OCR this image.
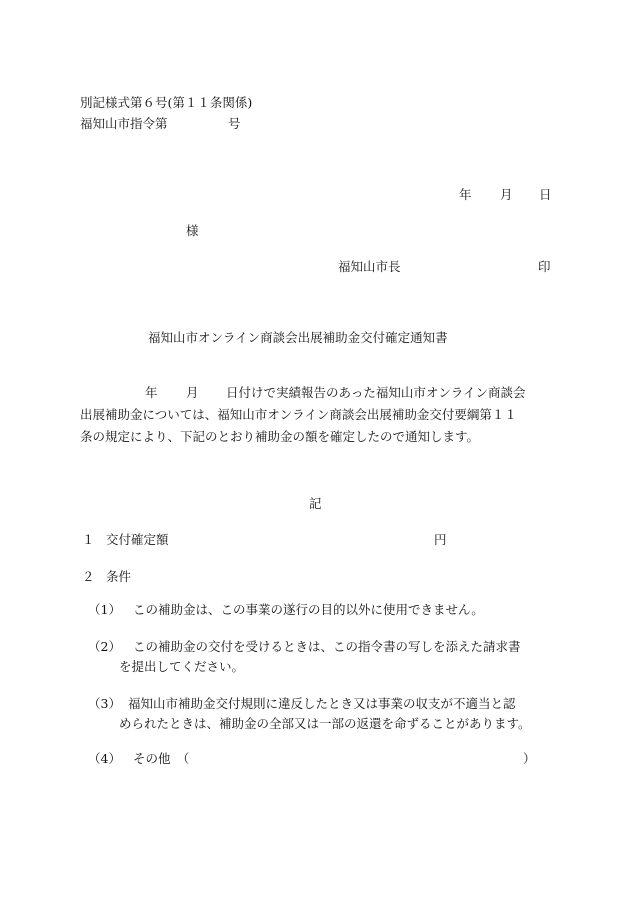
別記様式第６号(第１１条関係)
福知山市指令第	号
年 月 日
様
福知山市長	印
福知山市オンライン商談会出展補助金交付確定通知書
年 月 日付けで実績報告のあった福知山市オンライン商談会
出展補助金については、福知山市オンライン商談会出展補助金交付要綱第１１
条の規定により、下記のとおり補助金の額を確定したので通知します。
記
１ 交付確定額	円
２ 条件
（1） この補助金は、この事業の遂行の目的以外に使用できません。
（2） この補助金の交付を受けるときは、この指令書の写しを添えた請求書
を提出してください。
（3） 福知山市補助金交付規則に違反したとき又は事業の収支が不適当と認
められたときは、補助金の全部又は一部の返還を命ずることがあります。
（4） その他　（	）
